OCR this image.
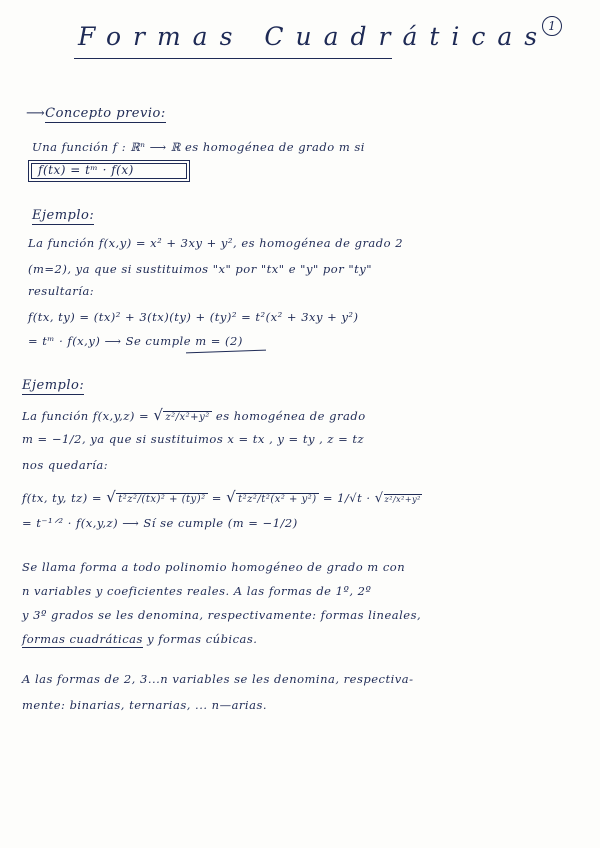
Formas Cuadráticas 1
⟶Concepto previo:
Una función f : ℝⁿ ⟶ ℝ es homogénea de grado m si
f(tx) = tᵐ · f(x)
Ejemplo:
La función f(x,y) = x² + 3xy + y², es homogénea de grado 2
(m=2), ya que si sustituimos "x" por "tx" e "y" por "ty"
resultaría:
f(tx, ty) = (tx)² + 3(tx)(ty) + (ty)² = t²(x² + 3xy + y²)
= tᵐ · f(x,y) ⟶ Se cumple m = (2)
Ejemplo:
La función f(x,y,z) = √ z²/x²+y² es homogénea de grado
m = −1/2, ya que si sustituimos x = tx , y = ty , z = tz
nos quedaría:
f(tx, ty, tz) = √ t²z²/(tx)² + (ty)² = √ t²z²/t²(x² + y²) = 1/√t · √z²/x²+y²
= t⁻¹ᐟ² · f(x,y,z) ⟶ Sí se cumple (m = −1/2)
Se llama forma a todo polinomio homogéneo de grado m con
n variables y coeficientes reales. A las formas de 1º, 2º
y 3º grados se les denomina, respectivamente: formas lineales,
formas cuadráticas y formas cúbicas.
A las formas de 2, 3...n variables se les denomina, respectiva-
mente: binarias, ternarias, ... n—arias.
